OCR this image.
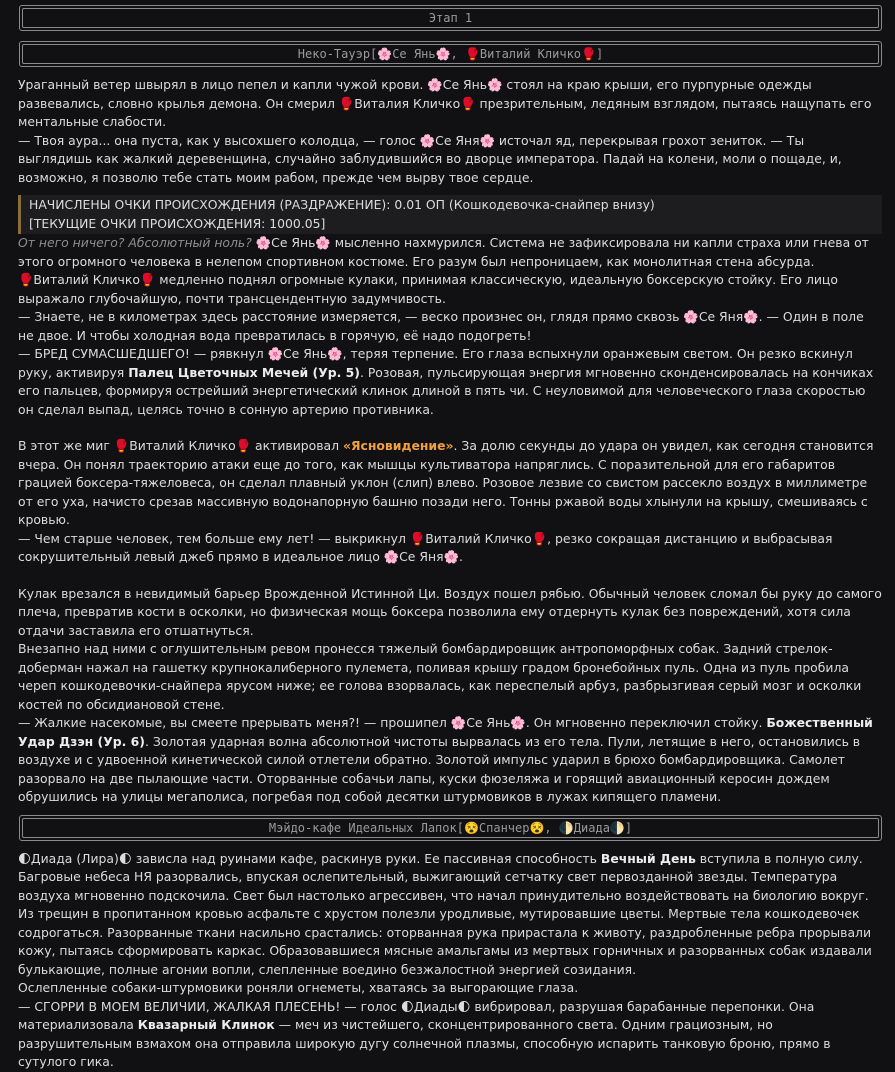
Этап 1
Неко-Тауэр[🌸Се Янь🌸, 🥊Виталий Кличко🥊]

Ураганный ветер швырял в лицо пепел и капли чужой крови. 🌸Се Янь🌸 стоял на краю крыши, его пурпурные одежды развевались, словно крылья демона. Он смерил 🥊Виталия Кличко🥊 презрительным, ледяным взглядом, пытаясь нащупать его ментальные слабости.

— Твоя аура... она пуста, как у высохшего колодца, — голос 🌸Се Яня🌸 источал яд, перекрывая грохот зениток. — Ты выглядишь как жалкий деревенщина, случайно заблудившийся во дворце императора. Падай на колени, моли о пощаде, и, возможно, я позволю тебе стать моим рабом, прежде чем вырву твое сердце.

НАЧИСЛЕНЫ ОЧКИ ПРОИСХОЖДЕНИЯ (РАЗДРАЖЕНИЕ): 0.01 ОП (Кошкодевочка-снайпер внизу)
[ТЕКУЩИЕ ОЧКИ ПРОИСХОЖДЕНИЯ: 1000.05]

От него ничего? Абсолютный ноль? 🌸Се Янь🌸 мысленно нахмурился. Система не зафиксировала ни капли страха или гнева от этого огромного человека в нелепом спортивном костюме. Его разум был непроницаем, как монолитная стена абсурда.

🥊Виталий Кличко🥊 медленно поднял огромные кулаки, принимая классическую, идеальную боксерскую стойку. Его лицо выражало глубочайшую, почти трансцендентную задумчивость.

— Знаете, не в километрах здесь расстояние измеряется, — веско произнес он, глядя прямо сквозь 🌸Се Яня🌸. — Один в поле не двое. И чтобы холодная вода превратилась в горячую, её надо подогреть!

— БРЕД СУМАСШЕДШЕГО! — рявкнул 🌸Се Янь🌸, теряя терпение. Его глаза вспыхнули оранжевым светом. Он резко вскинул руку, активируя Палец Цветочных Мечей (Ур. 5). Розовая, пульсирующая энергия мгновенно сконденсировалась на кончиках его пальцев, формируя острейший энергетический клинок длиной в пять чи. С неуловимой для человеческого глаза скоростью он сделал выпад, целясь точно в сонную артерию противника.

В этот же миг 🥊Виталий Кличко🥊 активировал «Ясновидение». За долю секунды до удара он увидел, как сегодня становится вчера. Он понял траекторию атаки еще до того, как мышцы культиватора напряглись. С поразительной для его габаритов грацией боксера-тяжеловеса, он сделал плавный уклон (слип) влево. Розовое лезвие со свистом рассекло воздух в миллиметре от его уха, начисто срезав массивную водонапорную башню позади него. Тонны ржавой воды хлынули на крышу, смешиваясь с кровью.

— Чем старше человек, тем больше ему лет! — выкрикнул 🥊Виталий Кличко🥊, резко сокращая дистанцию и выбрасывая сокрушительный левый джеб прямо в идеальное лицо 🌸Се Яня🌸.

Кулак врезался в невидимый барьер Врожденной Истинной Ци. Воздух пошел рябью. Обычный человек сломал бы руку до самого плеча, превратив кости в осколки, но физическая мощь боксера позволила ему отдернуть кулак без повреждений, хотя сила отдачи заставила его отшатнуться.

Внезапно над ними с оглушительным ревом пронесся тяжелый бомбардировщик антропоморфных собак. Задний стрелок-доберман нажал на гашетку крупнокалиберного пулемета, поливая крышу градом бронебойных пуль. Одна из пуль пробила череп кошкодевочки-снайпера ярусом ниже; ее голова взорвалась, как переспелый арбуз, разбрызгивая серый мозг и осколки костей по обсидиановой стене.

— Жалкие насекомые, вы смеете прерывать меня?! — прошипел 🌸Се Янь🌸. Он мгновенно переключил стойку. Божественный Удар Дзэн (Ур. 6). Золотая ударная волна абсолютной чистоты вырвалась из его тела. Пули, летящие в него, остановились в воздухе и с удвоенной кинетической силой отлетели обратно. Золотой импульс ударил в брюхо бомбардировщика. Самолет разорвало на две пылающие части. Оторванные собачьи лапы, куски фюзеляжа и горящий авиационный керосин дождем обрушились на улицы мегаполиса, погребая под собой десятки штурмовиков в лужах кипящего пламени.

Мэйдо-кафе Идеальных Лапок[😵Спанчер😵, 🌓Диада🌓]

🌓Диада (Лира)🌓 зависла над руинами кафе, раскинув руки. Ее пассивная способность Вечный День вступила в полную силу. Багровые небеса НЯ разорвались, впуская ослепительный, выжигающий сетчатку свет первозданной звезды. Температура воздуха мгновенно подскочила. Свет был настолько агрессивен, что начал принудительно воздействовать на биологию вокруг. Из трещин в пропитанном кровью асфальте с хрустом полезли уродливые, мутировавшие цветы. Мертвые тела кошкодевочек содрогаться. Разорванные ткани насильно срастались: оторванная рука прирастала к животу, раздробленные ребра прорывали кожу, пытаясь сформировать каркас. Образовавшиеся мясные амальгамы из мертвых горничных и разорванных собак издавали булькающие, полные агонии вопли, слепленные воедино безжалостной энергией созидания.

Ослепленные собаки-штурмовики роняли огнеметы, хватаясь за выгорающие глаза.

— СГОРРИ В МОЕМ ВЕЛИЧИИ, ЖАЛКАЯ ПЛЕСЕНЬ! — голос 🌓Диады🌓 вибрировал, разрушая барабанные перепонки. Она материализовала Квазарный Клинок — меч из чистейшего, сконцентрированного света. Одним грациозным, но разрушительным взмахом она отправила широкую дугу солнечной плазмы, способную испарить танковую броню, прямо в сутулого гика.
